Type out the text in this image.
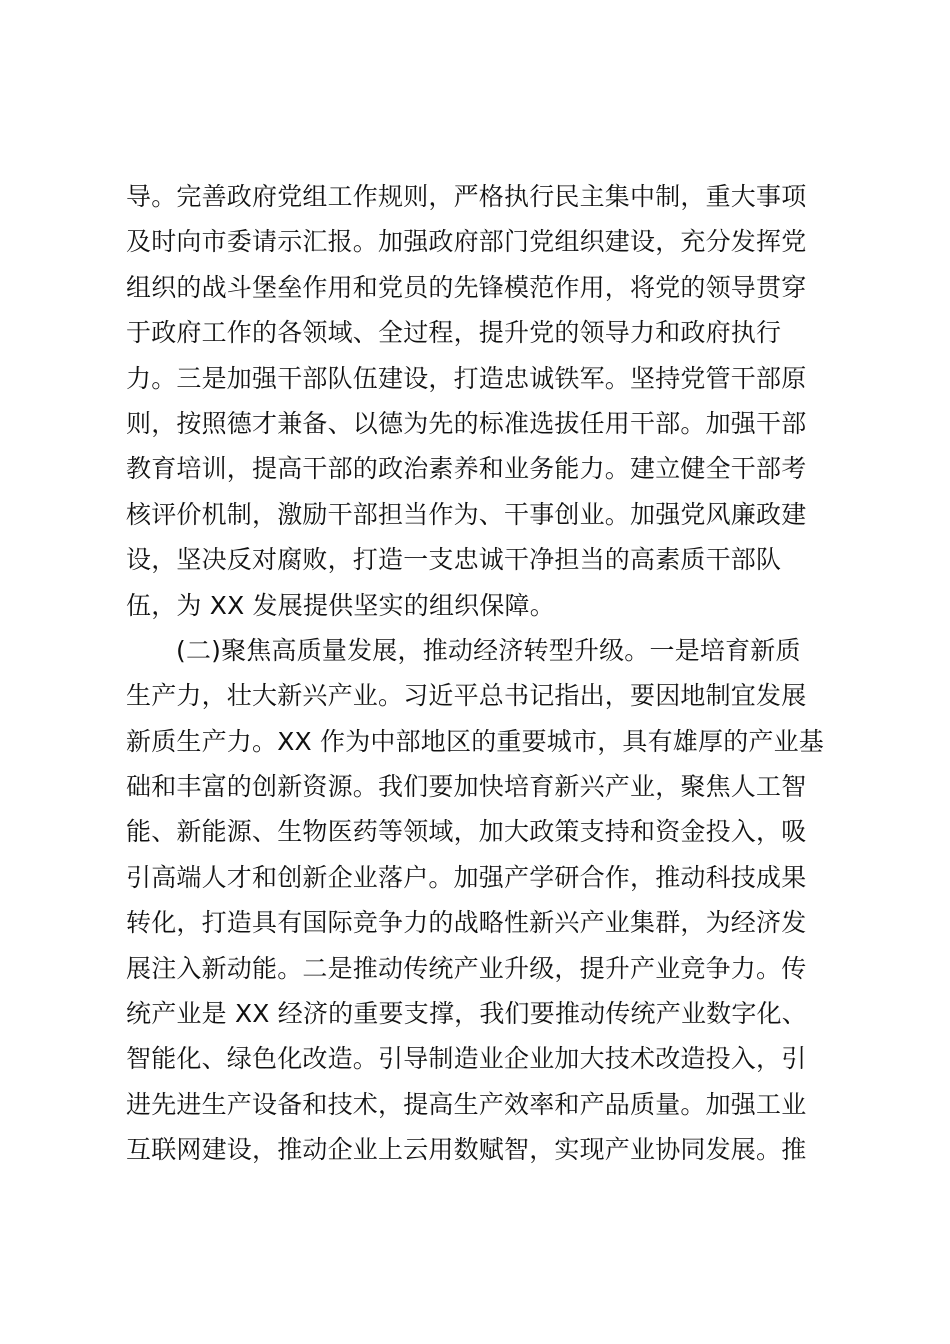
导。完善政府党组工作规则，严格执行民主集中制，重大事项
及时向市委请示汇报。加强政府部门党组织建设，充分发挥党
组织的战斗堡垒作用和党员的先锋模范作用，将党的领导贯穿
于政府工作的各领域、全过程，提升党的领导力和政府执行
力。三是加强干部队伍建设，打造忠诚铁军。坚持党管干部原
则，按照德才兼备、以德为先的标准选拔任用干部。加强干部
教育培训，提高干部的政治素养和业务能力。建立健全干部考
核评价机制，激励干部担当作为、干事创业。加强党风廉政建
设，坚决反对腐败，打造一支忠诚干净担当的高素质干部队
伍，为 XX 发展提供坚实的组织保障。
(二)聚焦高质量发展，推动经济转型升级。一是培育新质
生产力，壮大新兴产业。习近平总书记指出，要因地制宜发展
新质生产力。XX 作为中部地区的重要城市，具有雄厚的产业基
础和丰富的创新资源。我们要加快培育新兴产业，聚焦人工智
能、新能源、生物医药等领域，加大政策支持和资金投入，吸
引高端人才和创新企业落户。加强产学研合作，推动科技成果
转化，打造具有国际竞争力的战略性新兴产业集群，为经济发
展注入新动能。二是推动传统产业升级，提升产业竞争力。传
统产业是 XX 经济的重要支撑，我们要推动传统产业数字化、
智能化、绿色化改造。引导制造业企业加大技术改造投入，引
进先进生产设备和技术，提高生产效率和产品质量。加强工业
互联网建设，推动企业上云用数赋智，实现产业协同发展。推
